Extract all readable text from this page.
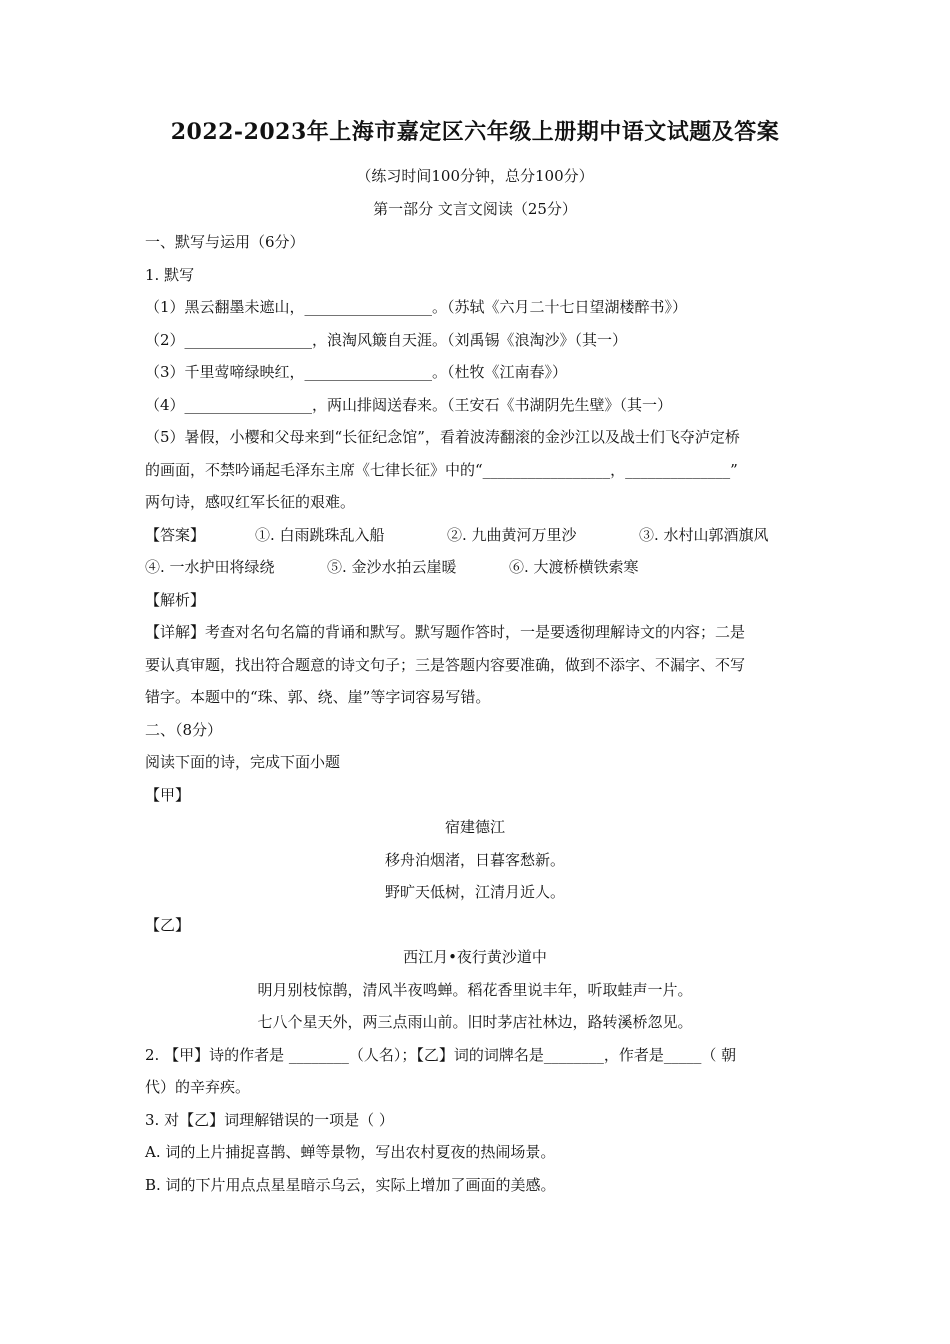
2022-2023年上海市嘉定区六年级上册期中语文试题及答案
（练习时间100分钟，总分100分）
第一部分 文言文阅读（25分）
一、默写与运用（6分）
1. 默写
（1）黑云翻墨未遮山，_________________。（苏轼《六月二十七日望湖楼醉书》）
（2）_________________，浪淘风簸自天涯。（刘禹锡《浪淘沙》（其一）
（3）千里莺啼绿映红，_________________。（杜牧《江南春》）
（4）_________________，两山排闼送春来。（王安石《书湖阴先生壁》（其一）
（5）暑假，小樱和父母来到“长征纪念馆”，看着波涛翻滚的金沙江以及战士们飞夺泸定桥
的画面，不禁吟诵起毛泽东主席《七律长征》中的“_________________，______________”
两句诗，感叹红军长征的艰难。
【答案】	①. 白雨跳珠乱入船	②. 九曲黄河万里沙	③. 水村山郭酒旗风
④. 一水护田将绿绕	⑤. 金沙水拍云崖暖	⑥. 大渡桥横铁索寒
【解析】
【详解】考查对名句名篇的背诵和默写。默写题作答时，一是要透彻理解诗文的内容；二是
要认真审题，找出符合题意的诗文句子；三是答题内容要准确，做到不添字、不漏字、不写
错字。本题中的“珠、郭、绕、崖”等字词容易写错。
二、（8分）
阅读下面的诗，完成下面小题
【甲】
宿建德江
移舟泊烟渚，日暮客愁新。
野旷天低树，江清月近人。
【乙】
西江月•夜行黄沙道中
明月别枝惊鹊，清风半夜鸣蝉。稻花香里说丰年，听取蛙声一片。
七八个星天外，两三点雨山前。旧时茅店社林边，路转溪桥忽见。
2. 【甲】诗的作者是 ________（人名）；【乙】词的词牌名是________，作者是_____（ 朝
代）的辛弃疾。
3. 对【乙】词理解错误的一项是（ ）
A. 词的上片捕捉喜鹊、蝉等景物，写出农村夏夜的热闹场景。
B. 词的下片用点点星星暗示乌云，实际上增加了画面的美感。
